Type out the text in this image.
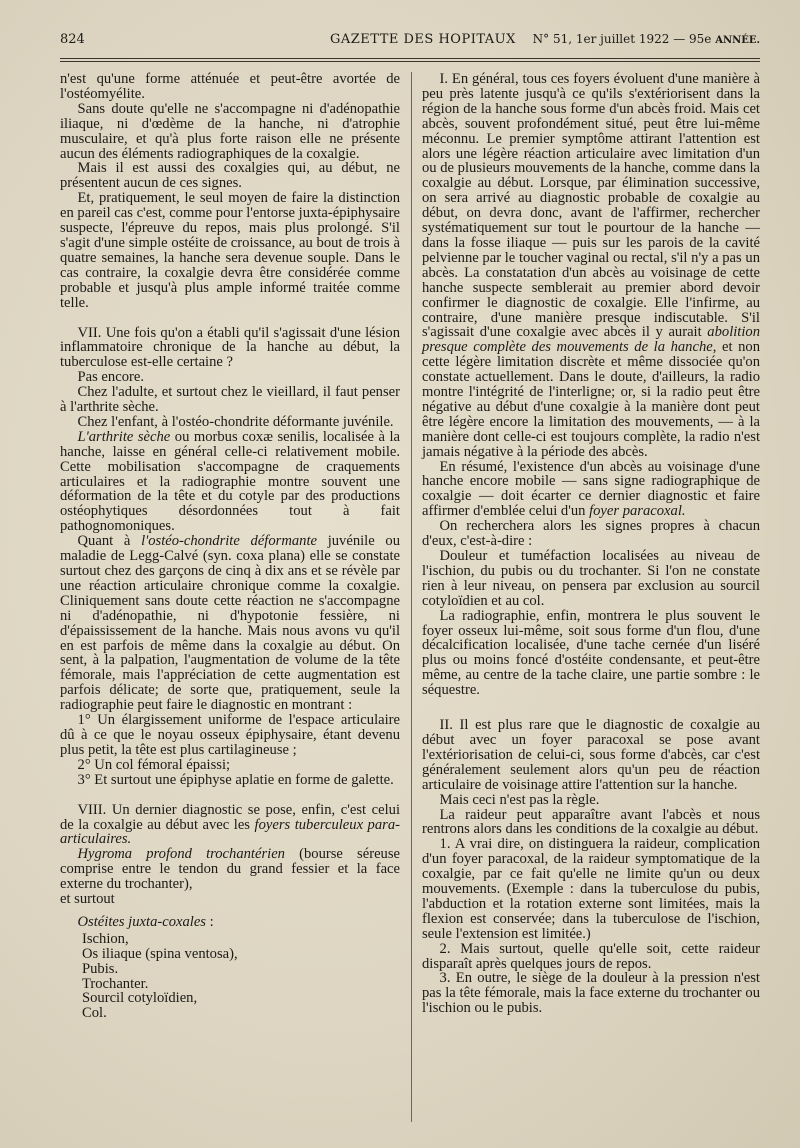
824	GAZETTE DES HOPITAUX N° 51, 1er juillet 1922 — 95e ANNÉE.

n'est qu'une forme atténuée et peut-être avortée de l'ostéomyélite.

Sans doute qu'elle ne s'accompagne ni d'adénopathie iliaque, ni d'œdème de la hanche, ni d'atrophie musculaire, et qu'à plus forte raison elle ne présente aucun des éléments radiographiques de la coxalgie.

Mais il est aussi des coxalgies qui, au début, ne présentent aucun de ces signes.

Et, pratiquement, le seul moyen de faire la distinction en pareil cas c'est, comme pour l'entorse juxta-épiphysaire suspecte, l'épreuve du repos, mais plus prolongé. S'il s'agit d'une simple ostéite de croissance, au bout de trois à quatre semaines, la hanche sera devenue souple. Dans le cas contraire, la coxalgie devra être considérée comme probable et jusqu'à plus ample informé traitée comme telle.

VII. Une fois qu'on a établi qu'il s'agissait d'une lésion inflammatoire chronique de la hanche au début, la tuberculose est-elle certaine ?

Pas encore.

Chez l'adulte, et surtout chez le vieillard, il faut penser à l'arthrite sèche.

Chez l'enfant, à l'ostéo-chondrite déformante juvénile.

L'arthrite sèche ou morbus coxæ senilis, localisée à la hanche, laisse en général celle-ci relativement mobile. Cette mobilisation s'accompagne de craquements articulaires et la radiographie montre souvent une déformation de la tête et du cotyle par des productions ostéophytiques désordonnées tout à fait pathognomoniques.

Quant à l'ostéo-chondrite déformante juvénile ou maladie de Legg-Calvé (syn. coxa plana) elle se constate surtout chez des garçons de cinq à dix ans et se révèle par une réaction articulaire chronique comme la coxalgie. Cliniquement sans doute cette réaction ne s'accompagne ni d'adénopathie, ni d'hypotonie fessière, ni d'épaississement de la hanche. Mais nous avons vu qu'il en est parfois de même dans la coxalgie au début. On sent, à la palpation, l'augmentation de volume de la tête fémorale, mais l'appréciation de cette augmentation est parfois délicate; de sorte que, pratiquement, seule la radiographie peut faire le diagnostic en montrant :

1° Un élargissement uniforme de l'espace articulaire dû à ce que le noyau osseux épiphysaire, étant devenu plus petit, la tête est plus cartilagineuse ;

2° Un col fémoral épaissi;

3° Et surtout une épiphyse aplatie en forme de galette.

VIII. Un dernier diagnostic se pose, enfin, c'est celui de la coxalgie au début avec les foyers tuberculeux para-articulaires.

Hygroma profond trochantérien (bourse séreuse comprise entre le tendon du grand fessier et la face externe du trochanter),

et surtout

Ostéites juxta-coxales :

Ischion,
Os iliaque (spina ventosa),
Pubis.
Trochanter.
Sourcil cotyloïdien,
Col.

I. En général, tous ces foyers évoluent d'une manière à peu près latente jusqu'à ce qu'ils s'extériorisent dans la région de la hanche sous forme d'un abcès froid. Mais cet abcès, souvent profondément situé, peut être lui-même méconnu. Le premier symptôme attirant l'attention est alors une légère réaction articulaire avec limitation d'un ou de plusieurs mouvements de la hanche, comme dans la coxalgie au début. Lorsque, par élimination successive, on sera arrivé au diagnostic probable de coxalgie au début, on devra donc, avant de l'affirmer, rechercher systématiquement sur tout le pourtour de la hanche — dans la fosse iliaque — puis sur les parois de la cavité pelvienne par le toucher vaginal ou rectal, s'il n'y a pas un abcès. La constatation d'un abcès au voisinage de cette hanche suspecte semblerait au premier abord devoir confirmer le diagnostic de coxalgie. Elle l'infirme, au contraire, d'une manière presque indiscutable. S'il s'agissait d'une coxalgie avec abcès il y aurait abolition presque complète des mouvements de la hanche, et non cette légère limitation discrète et même dissociée qu'on constate actuellement. Dans le doute, d'ailleurs, la radio montre l'intégrité de l'interligne; or, si la radio peut être négative au début d'une coxalgie à la manière dont peut être légère encore la limitation des mouvements, — à la manière dont celle-ci est toujours complète, la radio n'est jamais négative à la période des abcès.

En résumé, l'existence d'un abcès au voisinage d'une hanche encore mobile — sans signe radiographique de coxalgie — doit écarter ce dernier diagnostic et faire affirmer d'emblée celui d'un foyer paracoxal.

On recherchera alors les signes propres à chacun d'eux, c'est-à-dire :

Douleur et tuméfaction localisées au niveau de l'ischion, du pubis ou du trochanter. Si l'on ne constate rien à leur niveau, on pensera par exclusion au sourcil cotyloïdien et au col.

La radiographie, enfin, montrera le plus souvent le foyer osseux lui-même, soit sous forme d'un flou, d'une décalcification localisée, d'une tache cernée d'un liséré plus ou moins foncé d'ostéite condensante, et peut-être même, au centre de la tache claire, une partie sombre : le séquestre.

II. Il est plus rare que le diagnostic de coxalgie au début avec un foyer paracoxal se pose avant l'extériorisation de celui-ci, sous forme d'abcès, car c'est généralement seulement alors qu'un peu de réaction articulaire de voisinage attire l'attention sur la hanche.

Mais ceci n'est pas la règle.

La raideur peut apparaître avant l'abcès et nous rentrons alors dans les conditions de la coxalgie au début.

1. A vrai dire, on distinguera la raideur, complication d'un foyer paracoxal, de la raideur symptomatique de la coxalgie, par ce fait qu'elle ne limite qu'un ou deux mouvements. (Exemple : dans la tuberculose du pubis, l'abduction et la rotation externe sont limitées, mais la flexion est conservée; dans la tuberculose de l'ischion, seule l'extension est limitée.)

2. Mais surtout, quelle qu'elle soit, cette raideur disparaît après quelques jours de repos.

3. En outre, le siège de la douleur à la pression n'est pas la tête fémorale, mais la face externe du trochanter ou l'ischion ou le pubis.
